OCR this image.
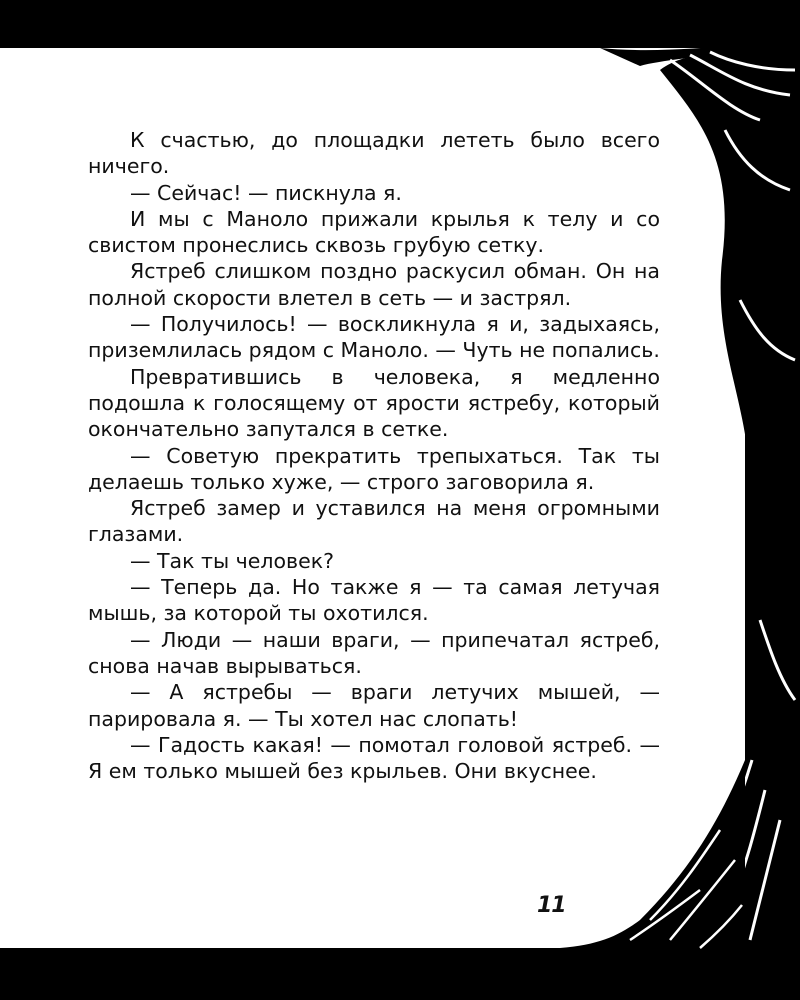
К счастью, до площадки лететь было всего ничего.

— Сейчас! — пискнула я.

И мы с Маноло прижали крылья к телу и со свистом пронеслись сквозь грубую сетку.

Ястреб слишком поздно раскусил обман. Он на полной скорости влетел в сеть — и застрял.

— Получилось! — воскликнула я и, задыхаясь, приземлилась рядом с Маноло. — Чуть не попались.

Превратившись в человека, я медленно подошла к голосящему от ярости ястребу, который окончательно запутался в сетке.

— Советую прекратить трепыхаться. Так ты делаешь только хуже, — строго заговорила я.

Ястреб замер и уставился на меня огромными глазами.

— Так ты человек?

— Теперь да. Но также я — та самая летучая мышь, за которой ты охотился.

— Люди — наши враги, — припечатал ястреб, снова начав вырываться.

— А ястребы — враги летучих мышей, — парировала я. — Ты хотел нас слопать!

— Гадость какая! — помотал головой ястреб. — Я ем только мышей без крыльев. Они вкуснее.

11
